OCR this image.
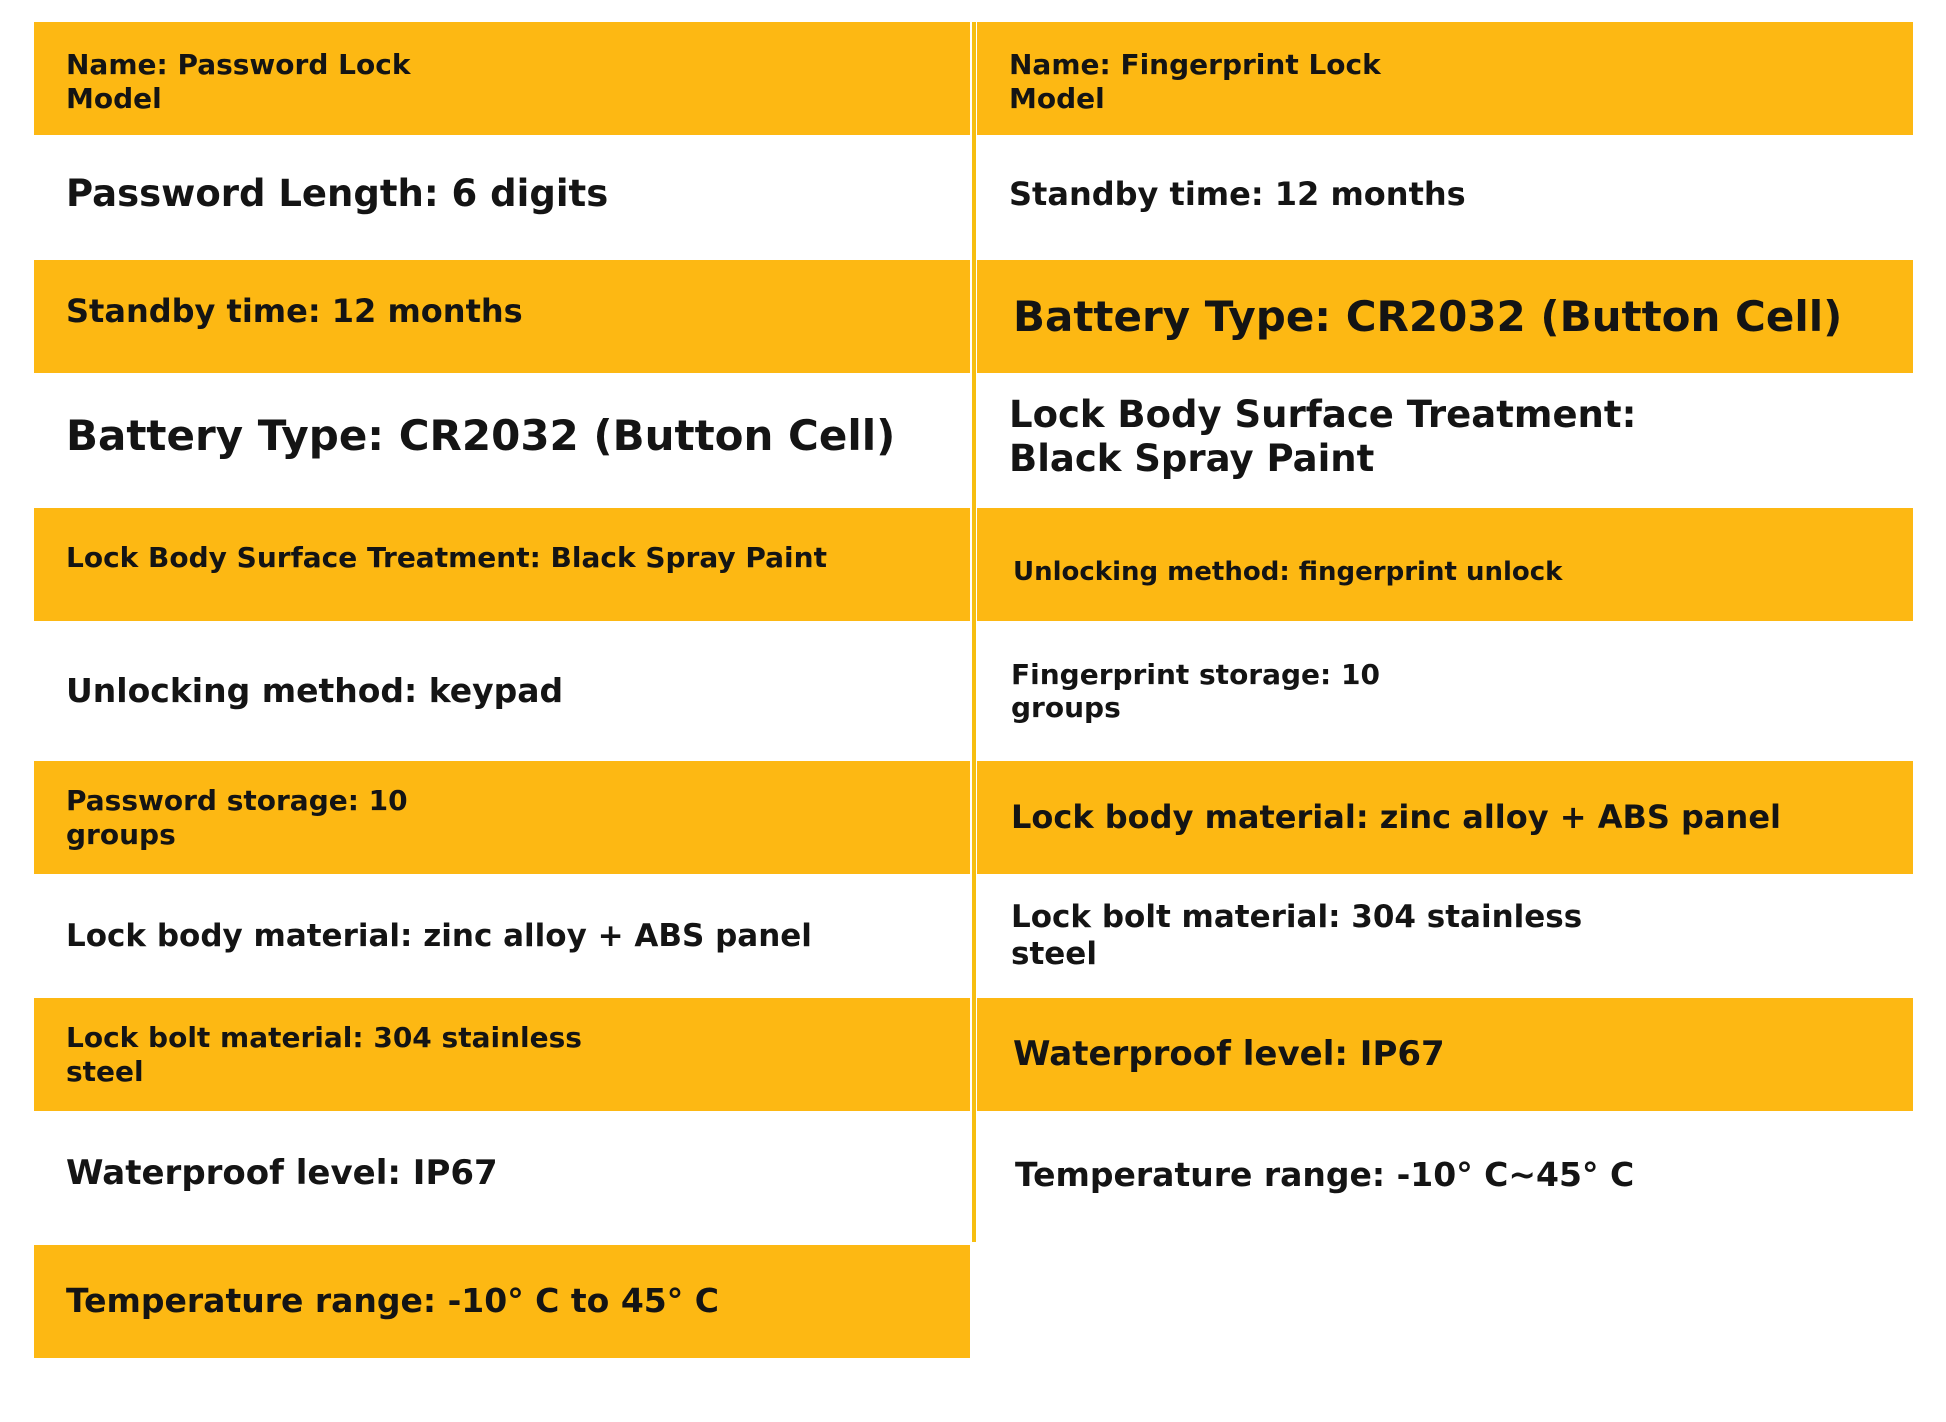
Name: Password Lock
Model
Password Length: 6 digits
Standby time: 12 months
Battery Type: CR2032 (Button Cell)
Lock Body Surface Treatment: Black Spray Paint
Unlocking method: keypad
Password storage: 10
groups
Lock body material: zinc alloy + ABS panel
Lock bolt material: 304 stainless
steel
Waterproof level: IP67
Temperature range: -10° C to 45° C
Name: Fingerprint Lock
Model
Standby time: 12 months
Battery Type: CR2032 (Button Cell)
Lock Body Surface Treatment:
Black Spray Paint
Unlocking method: fingerprint unlock
Fingerprint storage: 10
groups
Lock body material: zinc alloy + ABS panel
Lock bolt material: 304 stainless
steel
Waterproof level: IP67
Temperature range: -10° C~45° C
